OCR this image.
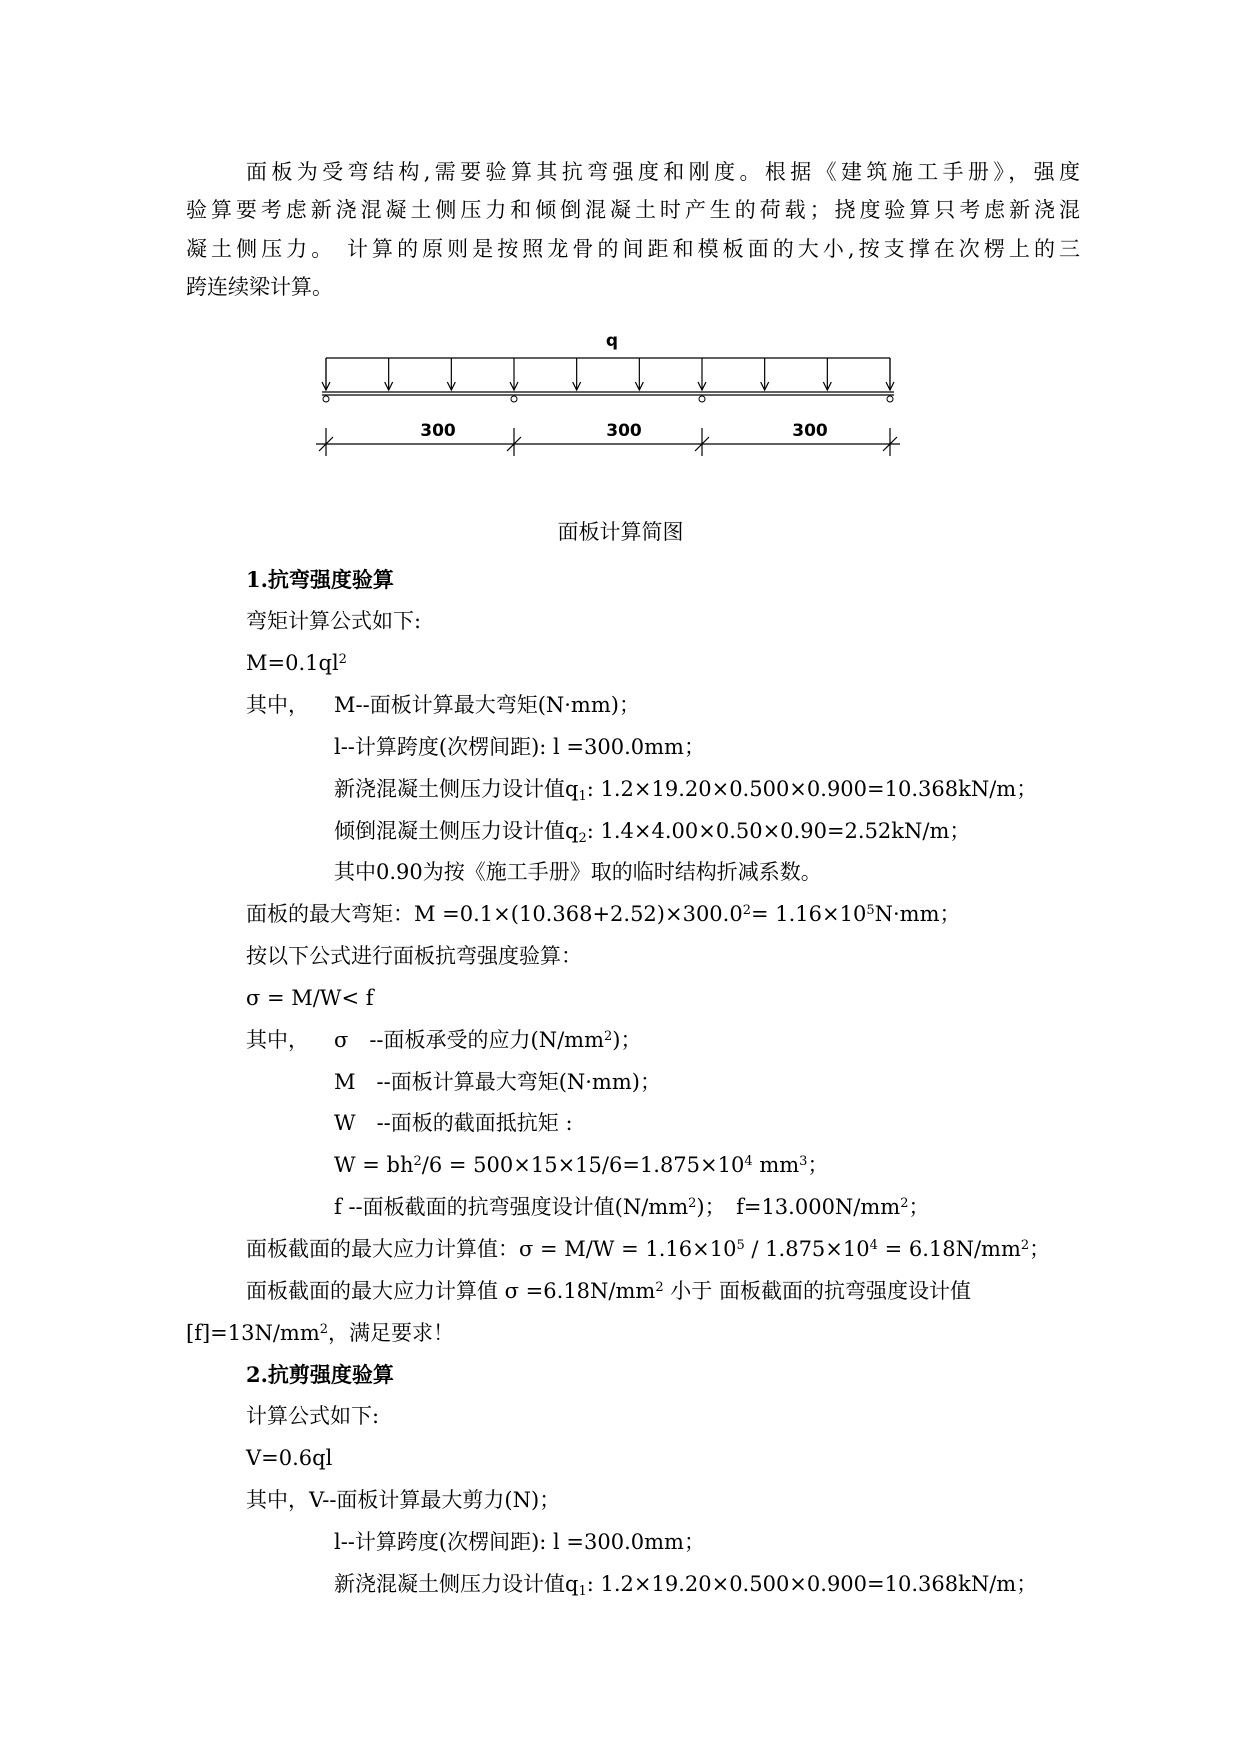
面板为受弯结构,需要验算其抗弯强度和刚度。根据《建筑施工手册》，强度
验算要考虑新浇混凝土侧压力和倾倒混凝土时产生的荷载；挠度验算只考虑新浇混
凝土侧压力。 计算的原则是按照龙骨的间距和模板面的大小,按支撑在次楞上的三
跨连续梁计算。
q
300	300	300
面板计算简图
1.抗弯强度验算
弯矩计算公式如下:
$M=0.1ql^2$
其中， M--面板计算最大弯矩(N·mm)；
l--计算跨度(次楞间距): l =300.0mm；
新浇混凝土侧压力设计值$q_1$: 1.2×19.20×0.500×0.900=10.368kN/m；
倾倒混凝土侧压力设计值$q_2$: 1.4×4.00×0.50×0.90=2.52kN/m；
其中0.90为按《施工手册》取的临时结构折减系数。
面板的最大弯矩：$M =0.1\times(10.368+2.52)\times 300.0^2= 1.16\times 10^5N\cdot mm$；
按以下公式进行面板抗弯强度验算：
σ = M/W< f
其中， σ　--面板承受的应力$(N/mm^2)$；
M　--面板计算最大弯矩(N·mm)；
W　--面板的截面抵抗矩 :
$W = bh^2/6 = 500\times 15\times 15/6=1.875\times 10^4$ $mm^3$；
f --面板截面的抗弯强度设计值$(N/mm^2)$；　$f=13.000N/mm^2$；
面板截面的最大应力计算值：$\sigma = M/W = 1.16\times 10^5 / 1.875\times 10^4 = 6.18N/mm^2$；
面板截面的最大应力计算值 $\sigma =6.18N/mm^2$ 小于 面板截面的抗弯强度设计值
$[f]=13N/mm^2$，满足要求！
2.抗剪强度验算
计算公式如下:
V=0.6ql
其中，V--面板计算最大剪力(N)；
l--计算跨度(次楞间距): l =300.0mm；
新浇混凝土侧压力设计值$q_1$: 1.2×19.20×0.500×0.900=10.368kN/m；
